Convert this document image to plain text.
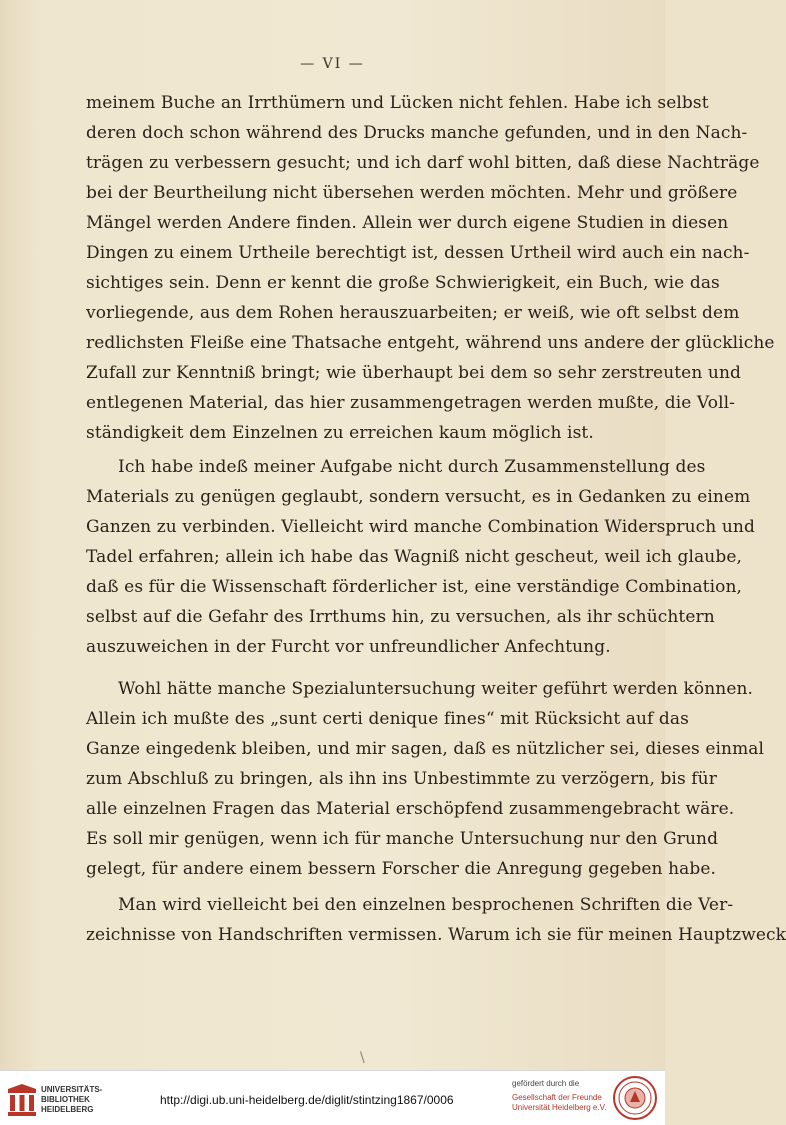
— VI —
meinem Buche an Irrthümern und Lücken nicht fehlen. Habe ich selbst
deren doch schon während des Drucks manche gefunden, und in den Nach-
trägen zu verbessern gesucht; und ich darf wohl bitten, daß diese Nachträge
bei der Beurtheilung nicht übersehen werden möchten. Mehr und größere
Mängel werden Andere finden. Allein wer durch eigene Studien in diesen
Dingen zu einem Urtheile berechtigt ist, dessen Urtheil wird auch ein nach-
sichtiges sein. Denn er kennt die große Schwierigkeit, ein Buch, wie das
vorliegende, aus dem Rohen herauszuarbeiten; er weiß, wie oft selbst dem
redlichsten Fleiße eine Thatsache entgeht, während uns andere der glückliche
Zufall zur Kenntniß bringt; wie überhaupt bei dem so sehr zerstreuten und
entlegenen Material, das hier zusammengetragen werden mußte, die Voll-
ständigkeit dem Einzelnen zu erreichen kaum möglich ist.
Ich habe indeß meiner Aufgabe nicht durch Zusammenstellung des
Materials zu genügen geglaubt, sondern versucht, es in Gedanken zu einem
Ganzen zu verbinden. Vielleicht wird manche Combination Widerspruch und
Tadel erfahren; allein ich habe das Wagniß nicht gescheut, weil ich glaube,
daß es für die Wissenschaft förderlicher ist, eine verständige Combination,
selbst auf die Gefahr des Irrthums hin, zu versuchen, als ihr schüchtern
auszuweichen in der Furcht vor unfreundlicher Anfechtung.
Wohl hätte manche Spezialuntersuchung weiter geführt werden können.
Allein ich mußte des „sunt certi denique fines“ mit Rücksicht auf das
Ganze eingedenk bleiben, und mir sagen, daß es nützlicher sei, dieses einmal
zum Abschluß zu bringen, als ihn ins Unbestimmte zu verzögern, bis für
alle einzelnen Fragen das Material erschöpfend zusammengebracht wäre.
Es soll mir genügen, wenn ich für manche Untersuchung nur den Grund
gelegt, für andere einem bessern Forscher die Anregung gegeben habe.
Man wird vielleicht bei den einzelnen besprochenen Schriften die Ver-
zeichnisse von Handschriften vermissen. Warum ich sie für meinen Hauptzweck
\
UNIVERSITÄTS-
BIBLIOTHEK
HEIDELBERG
http://digi.ub.uni-heidelberg.de/diglit/stintzing1867/0006
gefördert durch die
Gesellschaft der Freunde
Universität Heidelberg e.V.
